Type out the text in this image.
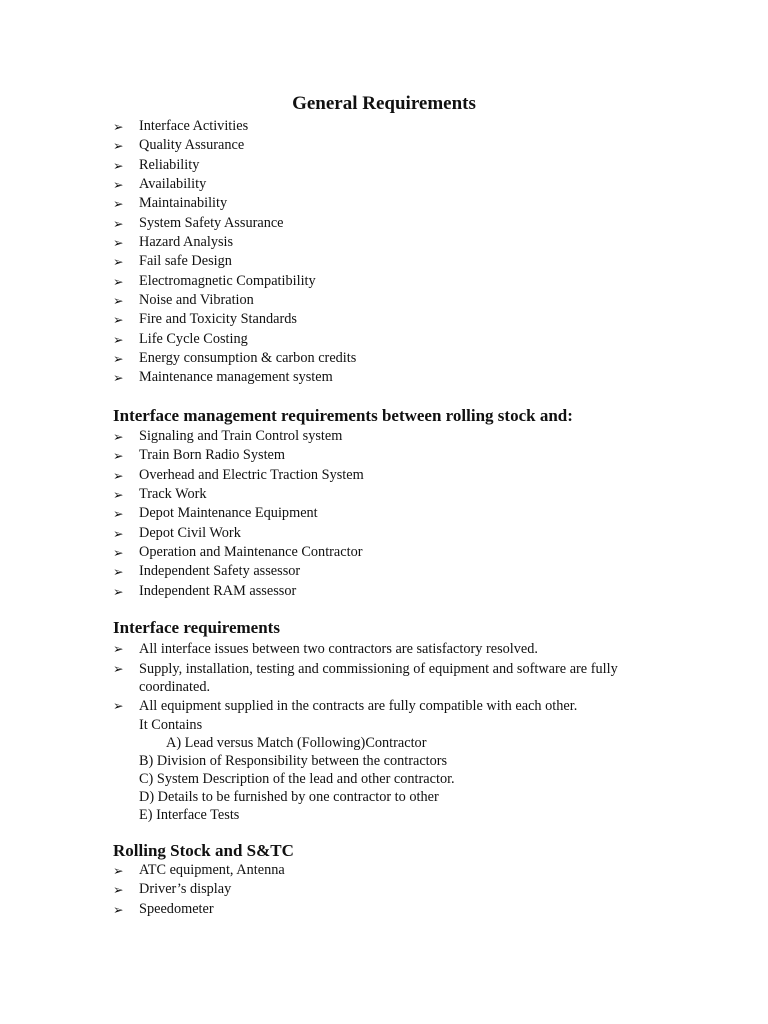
General Requirements
➢ Interface Activities
➢ Quality Assurance
➢ Reliability
➢ Availability
➢ Maintainability
➢ System Safety Assurance
➢ Hazard Analysis
➢ Fail safe Design
➢ Electromagnetic Compatibility
➢ Noise and Vibration
➢ Fire and Toxicity Standards
➢ Life Cycle Costing
➢ Energy consumption & carbon credits
➢ Maintenance management system
Interface management requirements between rolling stock and:
➢ Signaling and Train Control system
➢ Train Born Radio System
➢ Overhead and Electric Traction System
➢ Track Work
➢ Depot Maintenance Equipment
➢ Depot Civil Work
➢ Operation and Maintenance Contractor
➢ Independent Safety assessor
➢ Independent RAM assessor
Interface requirements

➢ All interface issues between two contractors are satisfactory resolved.

➢ Supply, installation, testing and commissioning of equipment and software are fully coordinated.

➢ All equipment supplied in the contracts are fully compatible with each other.

It Contains

A) Lead versus Match (Following)Contractor

B) Division of Responsibility between the contractors

C) System Description of the lead and other contractor.

D) Details to be furnished by one contractor to other

E) Interface Tests

Rolling Stock and S&TC
➢ ATC equipment, Antenna
➢ Driver’s display
➢ Speedometer
